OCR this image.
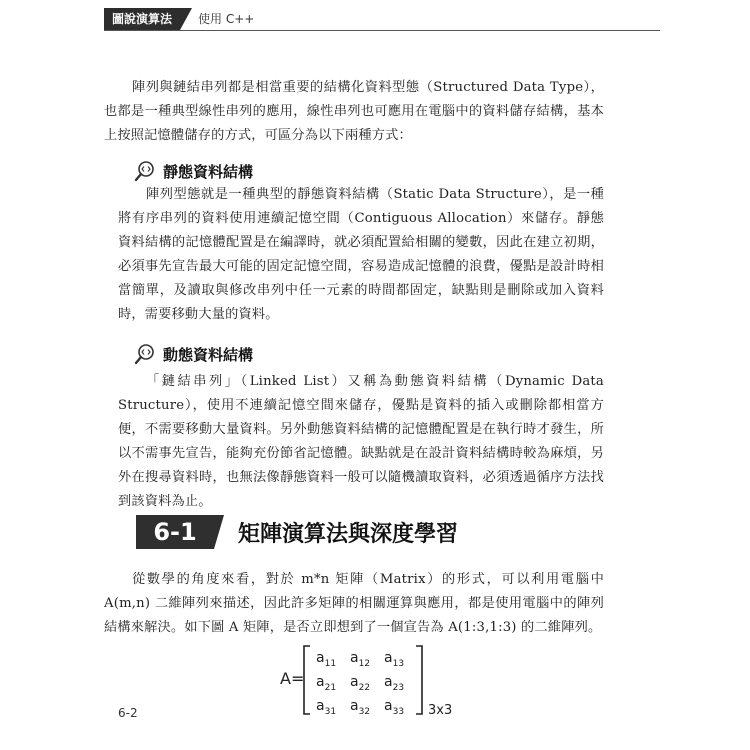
圖說演算法	使用 C++
陣列與鏈結串列都是相當重要的結構化資料型態（Structured Data Type），也都是一種典型線性串列的應用，線性串列也可應用在電腦中的資料儲存結構，基本上按照記憶體儲存的方式，可區分為以下兩種方式：
靜態資料結構
陣列型態就是一種典型的靜態資料結構（Static Data Structure），是一種將有序串列的資料使用連續記憶空間（Contiguous Allocation）來儲存。靜態資料結構的記憶體配置是在編譯時，就必須配置給相關的變數，因此在建立初期，必須事先宣告最大可能的固定記憶空間，容易造成記憶體的浪費，優點是設計時相當簡單，及讀取與修改串列中任一元素的時間都固定，缺點則是刪除或加入資料時，需要移動大量的資料。
動態資料結構
「鏈結串列」（Linked List）又稱為動態資料結構（Dynamic Data Structure），使用不連續記憶空間來儲存，優點是資料的插入或刪除都相當方便，不需要移動大量資料。另外動態資料結構的記憶體配置是在執行時才發生，所以不需事先宣告，能夠充份節省記憶體。缺點就是在設計資料結構時較為麻煩，另外在搜尋資料時，也無法像靜態資料一般可以隨機讀取資料，必須透過循序方法找到該資料為止。
6-1	矩陣演算法與深度學習
從數學的角度來看，對於 m*n 矩陣（Matrix）的形式，可以利用電腦中 A(m,n) 二維陣列來描述，因此許多矩陣的相關運算與應用，都是使用電腦中的陣列結構來解決。如下圖 A 矩陣，是否立即想到了一個宣告為 A(1:3,1:3) 的二維陣列。
A=
$a_{11}$ $a_{12}$ $a_{13}$
$a_{21}$ $a_{22}$ $a_{23}$
$a_{31}$ $a_{32}$ $a_{33}$ 3x3
6-2
